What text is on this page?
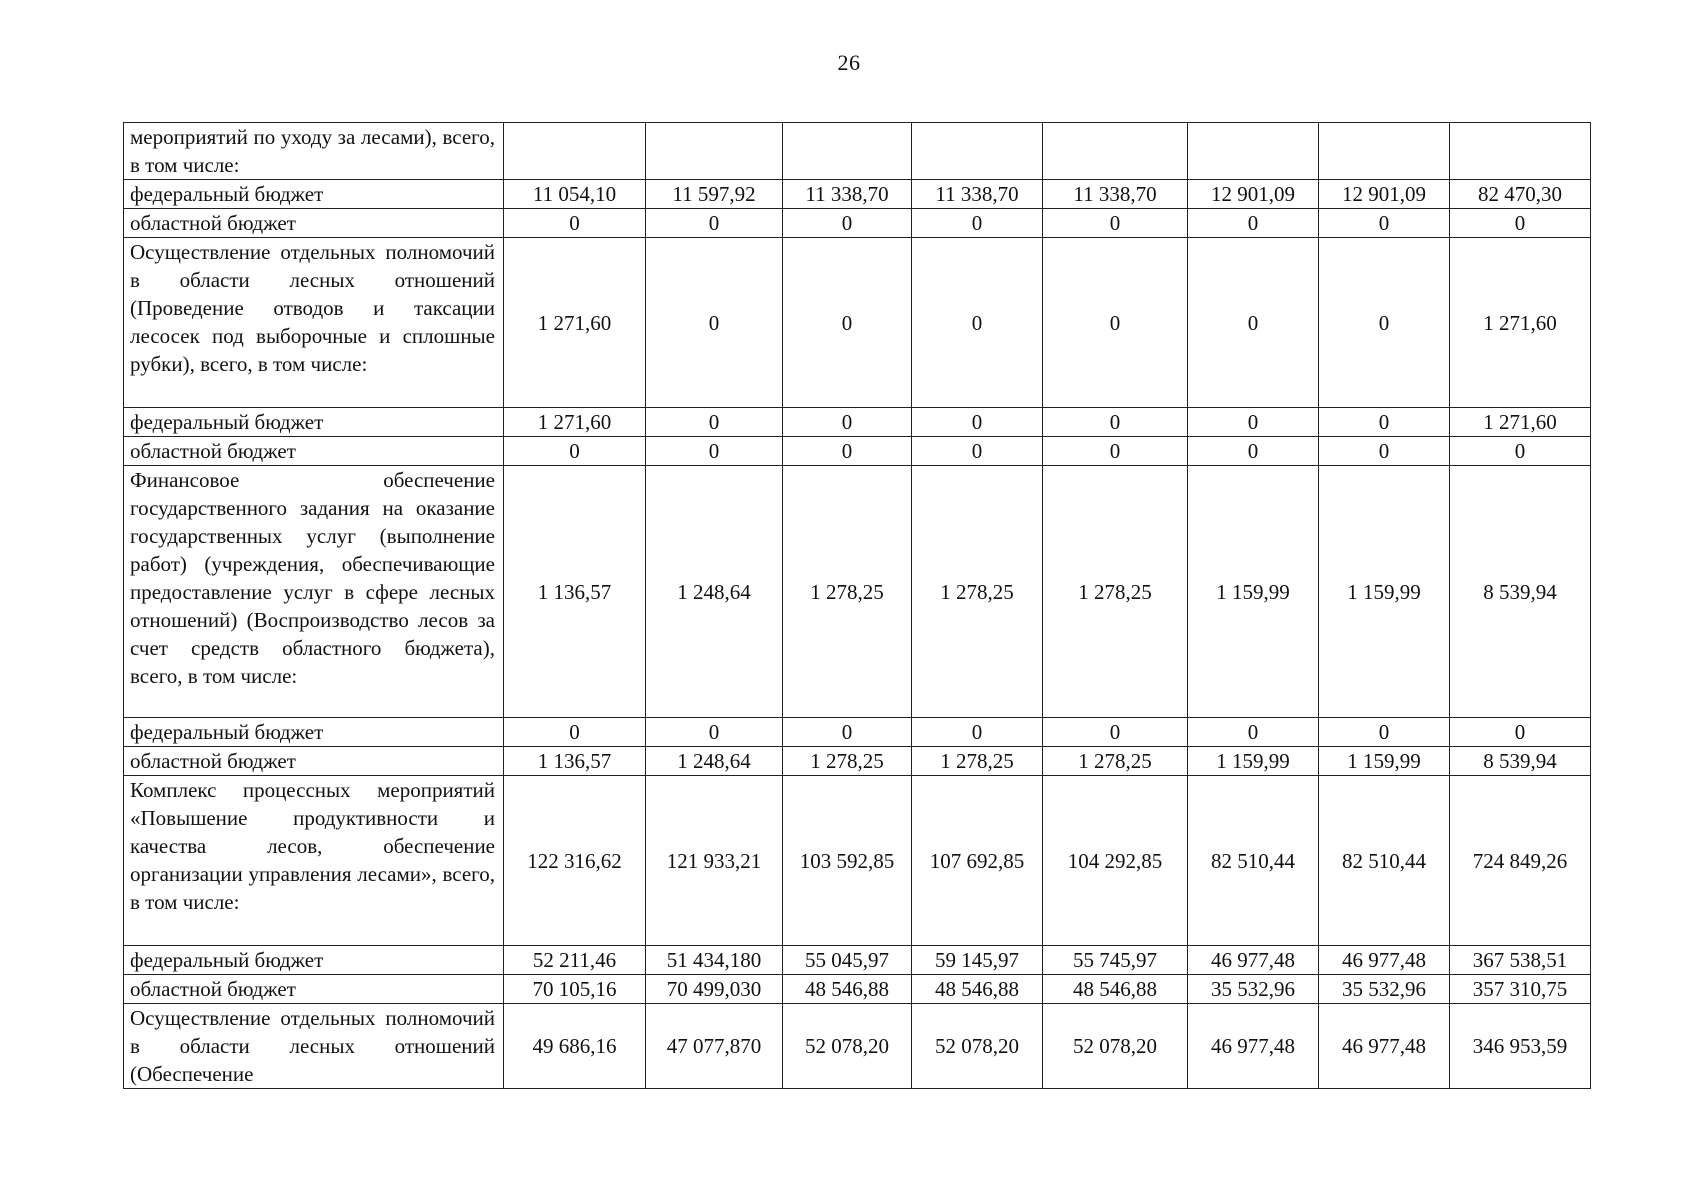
26
мероприятий по уходу за лесами), всего, в том числе:								

федеральный бюджет	11 054,10	11 597,92	11 338,70	11 338,70	11 338,70	12 901,09	12 901,09	82 470,30

областной бюджет	0	0	0	0	0	0	0	0

Осуществление отдельных полномочий в области лесных отношений (Проведение отводов и таксации лесосек под выборочные и сплошные рубки), всего, в том числе:	1 271,60	0	0	0	0	0	0	1 271,60

федеральный бюджет	1 271,60	0	0	0	0	0	0	1 271,60

областной бюджет	0	0	0	0	0	0	0	0

Финансовое обеспечение государственного задания на оказание государственных услуг (выполнение работ) (учреждения, обеспечивающие предоставление услуг в сфере лесных отношений) (Воспроизводство лесов за счет средств областного бюджета), всего, в том числе:	1 136,57	1 248,64	1 278,25	1 278,25	1 278,25	1 159,99	1 159,99	8 539,94

федеральный бюджет	0	0	0	0	0	0	0	0

областной бюджет	1 136,57	1 248,64	1 278,25	1 278,25	1 278,25	1 159,99	1 159,99	8 539,94

Комплекс процессных мероприятий «Повышение продуктивности и качества лесов, обеспечение организации управления лесами», всего, в том числе:	122 316,62	121 933,21	103 592,85	107 692,85	104 292,85	82 510,44	82 510,44	724 849,26

федеральный бюджет	52 211,46	51 434,180	55 045,97	59 145,97	55 745,97	46 977,48	46 977,48	367 538,51

областной бюджет	70 105,16	70 499,030	48 546,88	48 546,88	48 546,88	35 532,96	35 532,96	357 310,75

Осуществление отдельных полномочий в области лесных отношений (Обеспечение	49 686,16	47 077,870	52 078,20	52 078,20	52 078,20	46 977,48	46 977,48	346 953,59
